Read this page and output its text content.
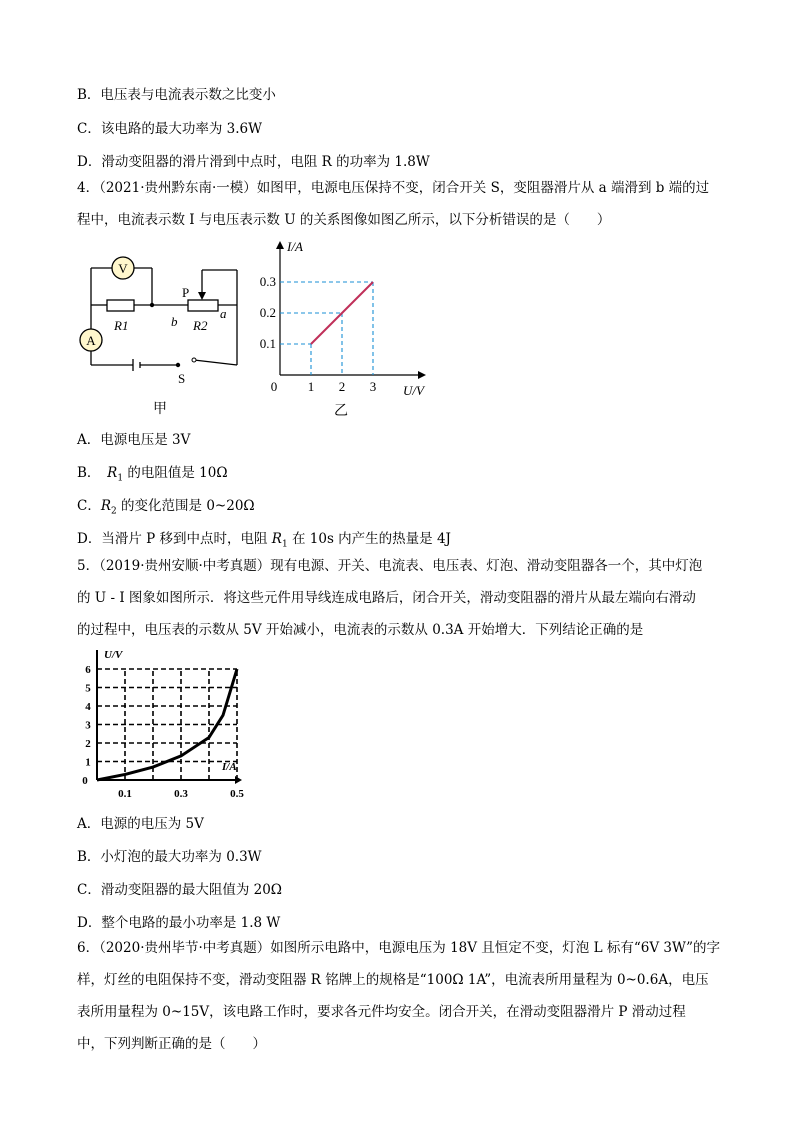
B．电压表与电流表示数之比变小
C．该电路的最大功率为 3.6W
D．滑动变阻器的滑片滑到中点时，电阻 R 的功率为 1.8W
4．（2021·贵州黔东南·一模）如图甲，电源电压保持不变，闭合开关 S，变阻器滑片从 a 端滑到 b 端的过
程中，电流表示数 I 与电压表示数 U 的关系图像如图乙所示，以下分析错误的是（　　）
V
A
R1	R2
P
b
a
S
甲
I/A
U/V
0 1 2 3
0.1
0.2
0.3
乙
A．电源电压是 3V
B．　$R_1$ 的电阻值是 10Ω
C．$R_2$ 的变化范围是 0~20Ω
D．当滑片 P 移到中点时，电阻 $R_1$ 在 10s 内产生的热量是 4J
5．（2019·贵州安顺·中考真题）现有电源、开关、电流表、电压表、灯泡、滑动变阻器各一个，其中灯泡
的 U - I 图象如图所示．将这些元件用导线连成电路后，闭合开关，滑动变阻器的滑片从最左端向右滑动
的过程中，电压表的示数从 5V 开始减小，电流表的示数从 0.3A 开始增大．下列结论正确的是
U/V
I/A
0
1
2
3
4
5
6
0.1	0.3	0.5
A．电源的电压为 5V
B．小灯泡的最大功率为 0.3W
C．滑动变阻器的最大阻值为 20Ω
D．整个电路的最小功率是 1.8 W
6．（2020·贵州毕节·中考真题）如图所示电路中，电源电压为 18V 且恒定不变，灯泡 L 标有“6V 3W”的字
样，灯丝的电阻保持不变，滑动变阻器 R 铭牌上的规格是“100Ω 1A”，电流表所用量程为 0~0.6A，电压
表所用量程为 0~15V，该电路工作时，要求各元件均安全。闭合开关，在滑动变阻器滑片 P 滑动过程
中，下列判断正确的是（　　）
